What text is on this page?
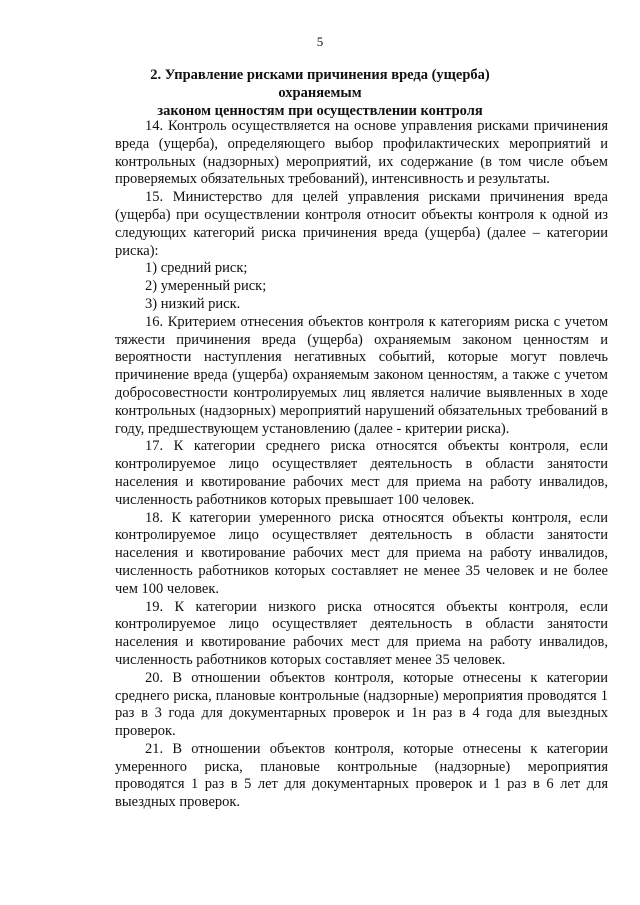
5
2. Управление рисками причинения вреда (ущерба) охраняемым
законом ценностям при осуществлении контроля

14. Контроль осуществляется на основе управления рисками причинения вреда (ущерба), определяющего выбор профилактических мероприятий и контрольных (надзорных) мероприятий, их содержание (в том числе объем проверяемых обязательных требований), интенсивность и результаты.

15. Министерство для целей управления рисками причинения вреда (ущерба) при осуществлении контроля относит объекты контроля к одной из следующих категорий риска причинения вреда (ущерба) (далее – категории риска):

1) средний риск;

2) умеренный риск;

3) низкий риск.

16. Критерием отнесения объектов контроля к категориям риска с учетом тяжести причинения вреда (ущерба) охраняемым законом ценностям и вероятности наступления негативных событий, которые могут повлечь причинение вреда (ущерба) охраняемым законом ценностям, а также с учетом добросовестности контролируемых лиц является наличие выявленных в ходе контрольных (надзорных) мероприятий нарушений обязательных требований в году, предшествующем установлению (далее - критерии риска).

17. К категории среднего риска относятся объекты контроля, если контролируемое лицо осуществляет деятельность в области занятости населения и квотирование рабочих мест для приема на работу инвалидов, численность работников которых превышает 100 человек.

18. К категории умеренного риска относятся объекты контроля, если контролируемое лицо осуществляет деятельность в области занятости населения и квотирование рабочих мест для приема на работу инвалидов, численность работников которых составляет не менее 35 человек и не более чем 100 человек.

19. К категории низкого риска относятся объекты контроля, если контролируемое лицо осуществляет деятельность в области занятости населения и квотирование рабочих мест для приема на работу инвалидов, численность работников которых составляет менее 35 человек.

20. В отношении объектов контроля, которые отнесены к категории среднего риска, плановые контрольные (надзорные) мероприятия проводятся 1 раз в 3 года для документарных проверок и 1н раз в 4 года для выездных проверок.

21. В отношении объектов контроля, которые отнесены к категории умеренного риска, плановые контрольные (надзорные) мероприятия проводятся 1 раз в 5 лет для документарных проверок и 1 раз в 6 лет для выездных проверок.
